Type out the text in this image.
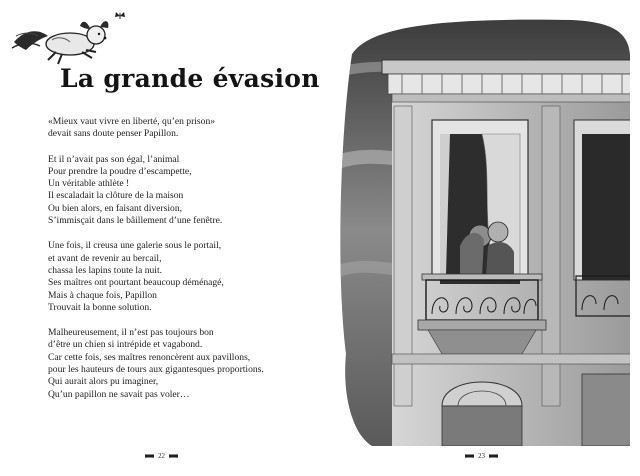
La grande évasion
«Mieux vaut vivre en liberté, qu’en prison»
devait sans doute penser Papillon.
Et il n’avait pas son égal, l’animal
Pour prendre la poudre d’escampette,
Un véritable athlète !
Il escaladait la clôture de la maison
Ou bien alors, en faisant diversion,
S’immisçait dans le bâillement d’une fenêtre.
Une fois, il creusa une galerie sous le portail,
et avant de revenir au bercail,
chassa les lapins toute la nuit.
Ses maîtres ont pourtant beaucoup déménagé,
Mais à chaque fois, Papillon
Trouvait la bonne solution.
Malheureusement, il n’est pas toujours bon
d’être un chien si intrépide et vagabond.
Car cette fois, ses maîtres renoncèrent aux pavillons,
pour les hauteurs de tours aux gigantesques proportions.
Qui aurait alors pu imaginer,
Qu’un papillon ne savait pas voler…
22	23
